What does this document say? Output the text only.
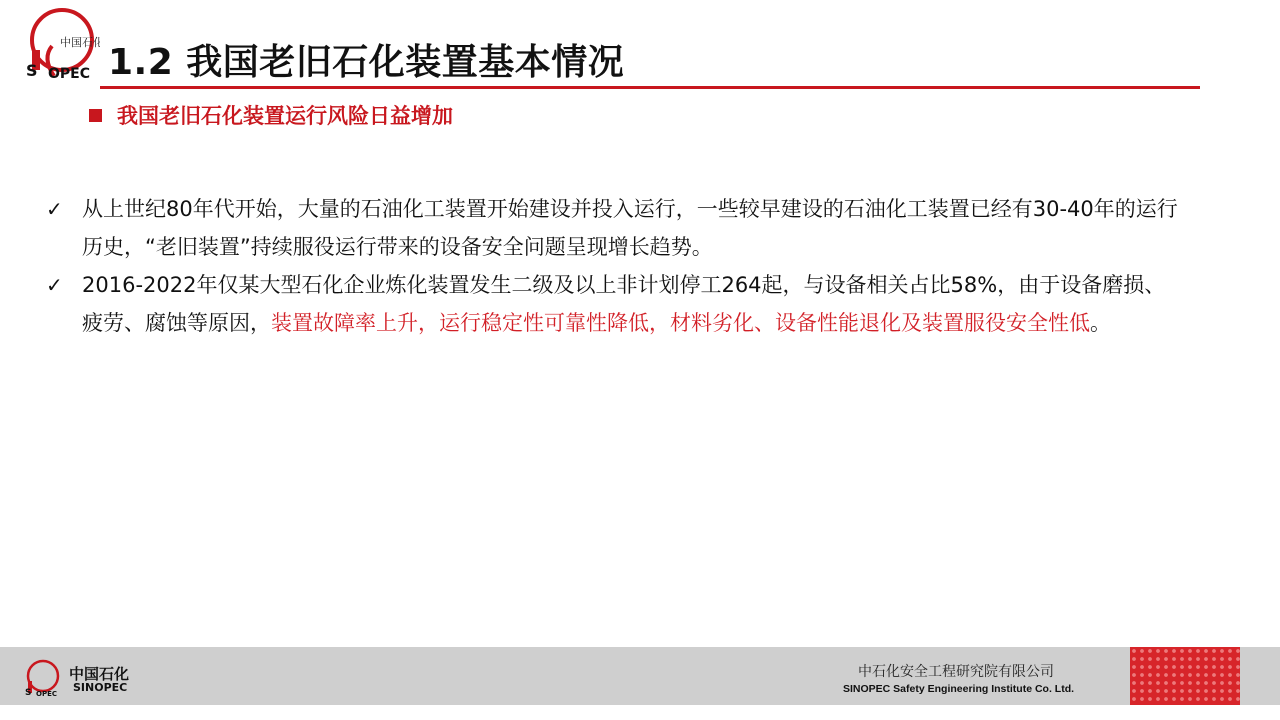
中国石化
S OPEC 1.2 我国老旧石化装置基本情况
我国老旧石化装置运行风险日益增加
✓ 从上世纪80年代开始，大量的石油化工装置开始建设并投入运行，一些较早建设的石油化工装置已经有30-40年的运行历史，“老旧装置”持续服役运行带来的设备安全问题呈现增长趋势。
✓ 2016-2022年仅某大型石化企业炼化装置发生二级及以上非计划停工264起，与设备相关占比58%，由于设备磨损、疲劳、腐蚀等原因，装置故障率上升，运行稳定性可靠性降低，材料劣化、设备性能退化及装置服役安全性低。
S OPEC
中国石化
SINOPEC
中石化安全工程研究院有限公司
SINOPEC Safety Engineering Institute Co. Ltd.
